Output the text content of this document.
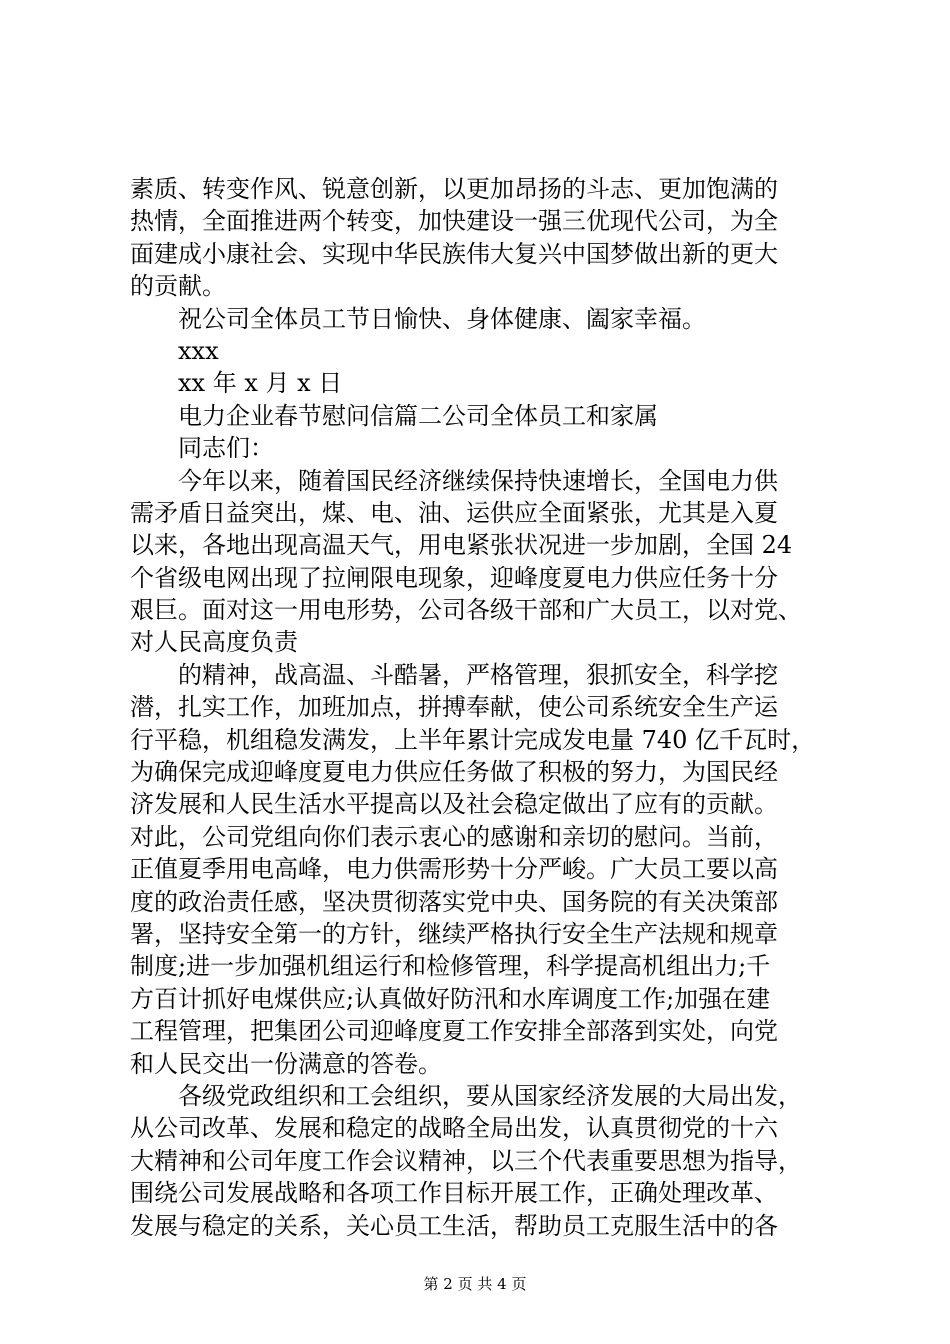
素质、转变作风、锐意创新，以更加昂扬的斗志、更加饱满的
热情，全面推进两个转变，加快建设一强三优现代公司，为全
面建成小康社会、实现中华民族伟大复兴中国梦做出新的更大
的贡献。
祝公司全体员工节日愉快、身体健康、阖家幸福。
xxx
xx 年 x 月 x 日
电力企业春节慰问信篇二公司全体员工和家属
同志们：
今年以来，随着国民经济继续保持快速增长，全国电力供
需矛盾日益突出，煤、电、油、运供应全面紧张，尤其是入夏
以来，各地出现高温天气，用电紧张状况进一步加剧，全国 24
个省级电网出现了拉闸限电现象，迎峰度夏电力供应任务十分
艰巨。面对这一用电形势，公司各级干部和广大员工，以对党、
对人民高度负责
的精神，战高温、斗酷暑，严格管理，狠抓安全，科学挖
潜，扎实工作，加班加点，拼搏奉献，使公司系统安全生产运
行平稳，机组稳发满发，上半年累计完成发电量 740 亿千瓦时，
为确保完成迎峰度夏电力供应任务做了积极的努力，为国民经
济发展和人民生活水平提高以及社会稳定做出了应有的贡献。
对此，公司党组向你们表示衷心的感谢和亲切的慰问。当前，
正值夏季用电高峰，电力供需形势十分严峻。广大员工要以高
度的政治责任感，坚决贯彻落实党中央、国务院的有关决策部
署，坚持安全第一的方针，继续严格执行安全生产法规和规章
制度;进一步加强机组运行和检修管理，科学提高机组出力;千
方百计抓好电煤供应;认真做好防汛和水库调度工作;加强在建
工程管理，把集团公司迎峰度夏工作安排全部落到实处，向党
和人民交出一份满意的答卷。
各级党政组织和工会组织，要从国家经济发展的大局出发，
从公司改革、发展和稳定的战略全局出发，认真贯彻党的十六
大精神和公司年度工作会议精神，以三个代表重要思想为指导，
围绕公司发展战略和各项工作目标开展工作，正确处理改革、
发展与稳定的关系，关心员工生活，帮助员工克服生活中的各
第 2 页 共 4 页
